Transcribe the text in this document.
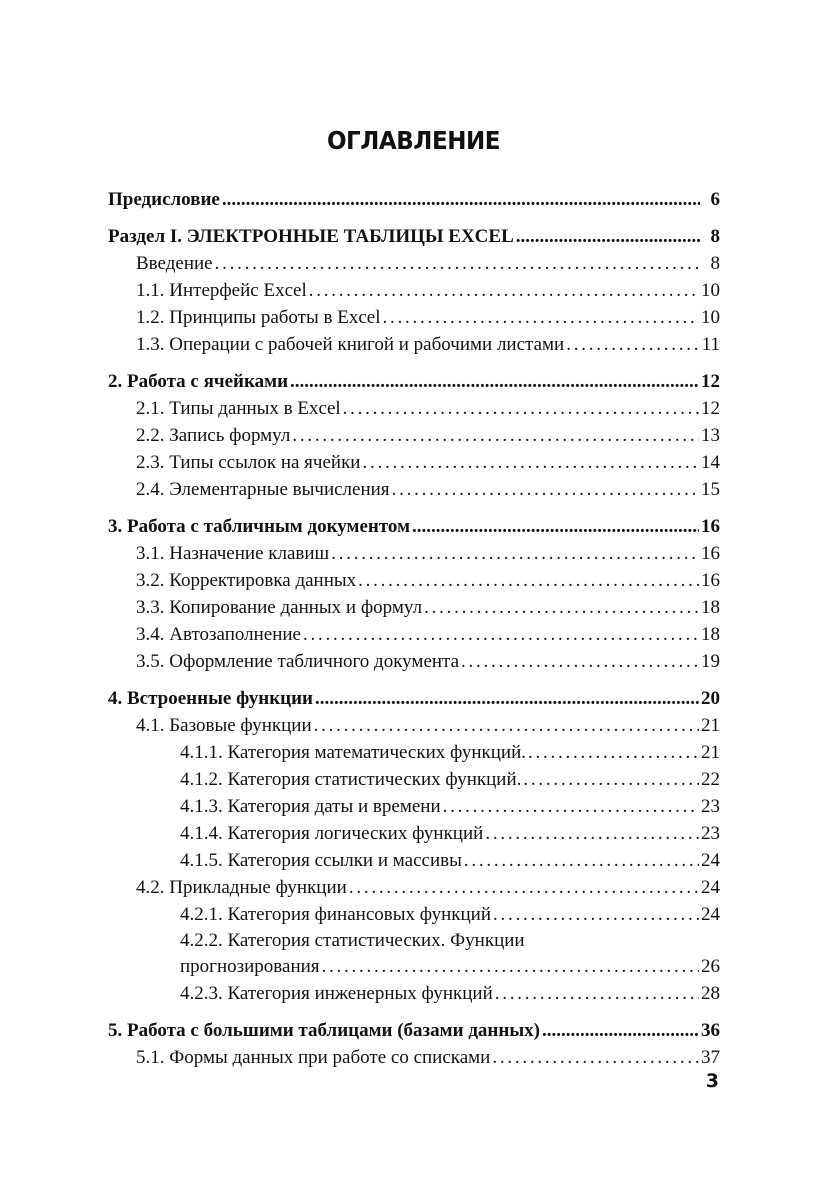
ОГЛАВЛЕНИЕ
Предисловие .....	6
Раздел I. ЭЛЕКТРОННЫЕ ТАБЛИЦЫ EXCEL .....	8
Введение . . .	8
1.1. Интерфейс Excel . . .	10
1.2. Принципы работы в Excel . . .	10
1.3. Операции с рабочей книгой и рабочими листами . . .	11
2. Работа с ячейками .....	12
2.1. Типы данных в Excel . . .	12
2.2. Запись формул . . .	13
2.3. Типы ссылок на ячейки . . .	14
2.4. Элементарные вычисления . . .	15
3. Работа с табличным документом .....	16
3.1. Назначение клавиш . . .	16
3.2. Корректировка данных . . .	16
3.3. Копирование данных и формул . . .	18
3.4. Автозаполнение . . .	18
3.5. Оформление табличного документа . . .	19
4. Встроенные функции .....	20
4.1. Базовые функции . . .	21
4.1.1. Категория математических функций. . . .	21
4.1.2. Категория статистических функций. . . .	22
4.1.3. Категория даты и времени . . .	23
4.1.4. Категория логических функций . . .	23
4.1.5. Категория ссылки и массивы . . .	24
4.2. Прикладные функции . . .	24
4.2.1. Категория финансовых функций . . .	24
4.2.2. Категория статистических. Функции
прогнозирования . . .	26
4.2.3. Категория инженерных функций . . .	28
5. Работа с большими таблицами (базами данных) .....	36
5.1. Формы данных при работе со списками . . .	37
3
